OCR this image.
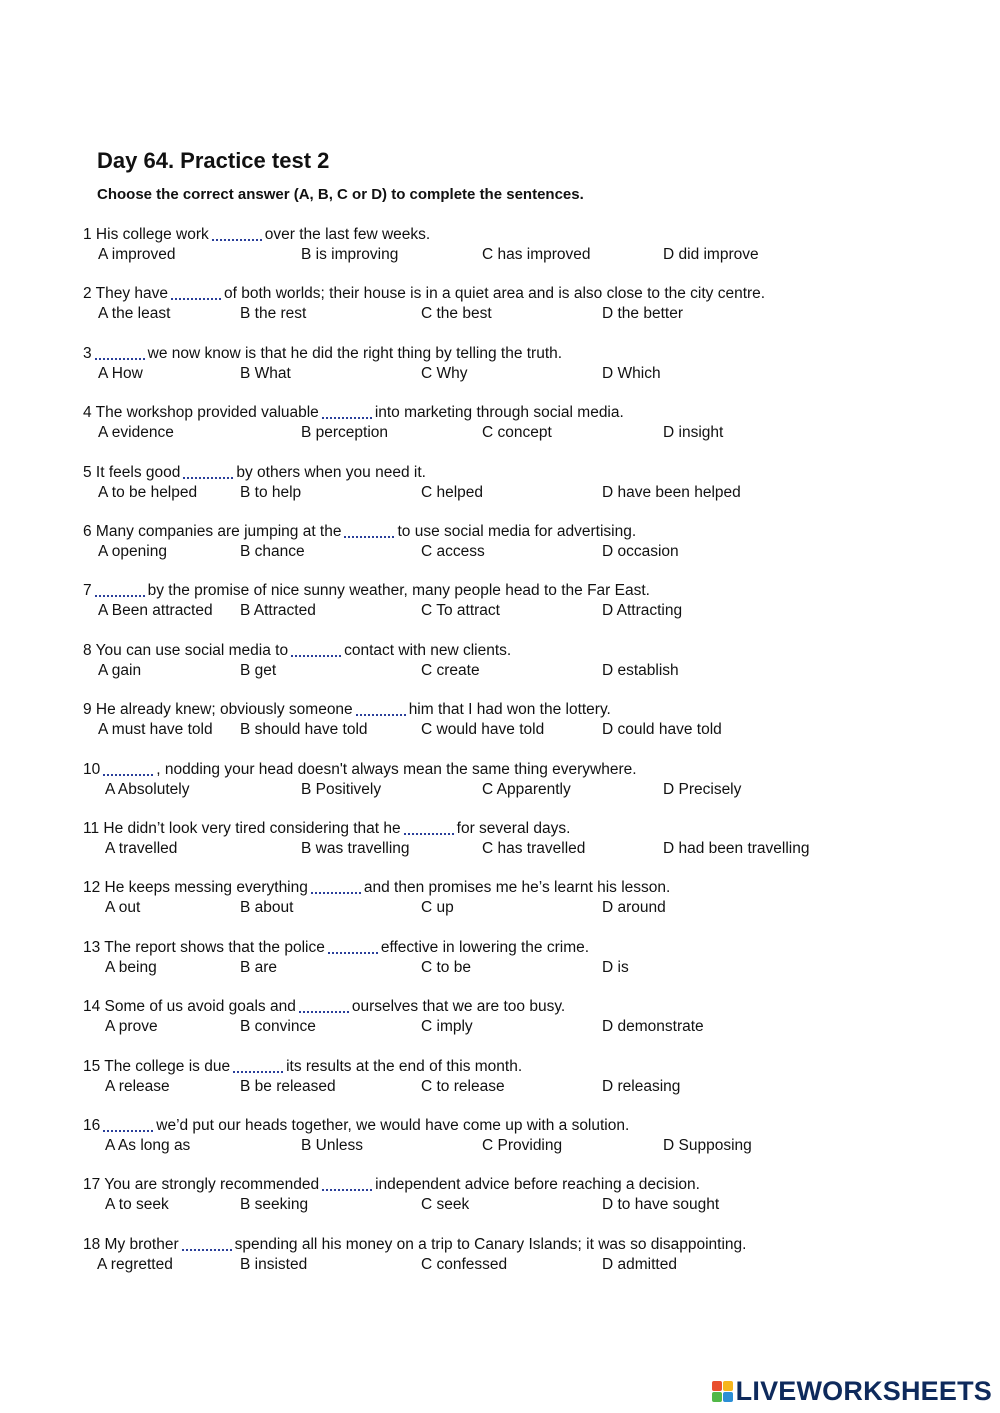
Day 64. Practice test 2

Choose the correct answer (A, B, C or D) to complete the sentences.

1 His college work	over the last few weeks.
A improved	B is improving	C has improved	D did improve
2 They have	of both worlds; their house is in a quiet area and is also close to the city centre.
A the least	B the rest	C the best	D the better
3	we now know is that he did the right thing by telling the truth.
A How	B What	C Why	D Which
4 The workshop provided valuable	into marketing through social media.
A evidence	B perception	C concept	D insight
5 It feels good	by others when you need it.
A to be helped	B to help	C helped	D have been helped
6 Many companies are jumping at the	to use social media for advertising.
A opening	B chance	C access	D occasion
7	by the promise of nice sunny weather, many people head to the Far East.
A Been attracted B Attracted	C To attract	D Attracting
8 You can use social media to	contact with new clients.
A gain	B get	C create	D establish
9 He already knew; obviously someone	him that I had won the lottery.
A must have told B should have told	C would have told	D could have told
10	, nodding your head doesn't always mean the same thing everywhere.
A Absolutely	B Positively	C Apparently	D Precisely
11 He didn’t look very tired considering that he	for several days.
A travelled	B was travelling	C has travelled	D had been travelling
12 He keeps messing everything	and then promises me he’s learnt his lesson.
A out	B about	C up	D around
13 The report shows that the police	effective in lowering the crime.
A being	B are	C to be	D is
14 Some of us avoid goals and	ourselves that we are too busy.
A prove	B convince	C imply	D demonstrate
15 The college is due	its results at the end of this month.
A release	B be released	C to release	D releasing
16	we’d put our heads together, we would have come up with a solution.
A As long as	B Unless	C Providing	D Supposing
17 You are strongly recommended	independent advice before reaching a decision.
A to seek	B seeking	C seek	D to have sought
18 My brother	spending all his money on a trip to Canary Islands; it was so disappointing.
A regretted	B insisted	C confessed	D admitted
LIVEWORKSHEETS
